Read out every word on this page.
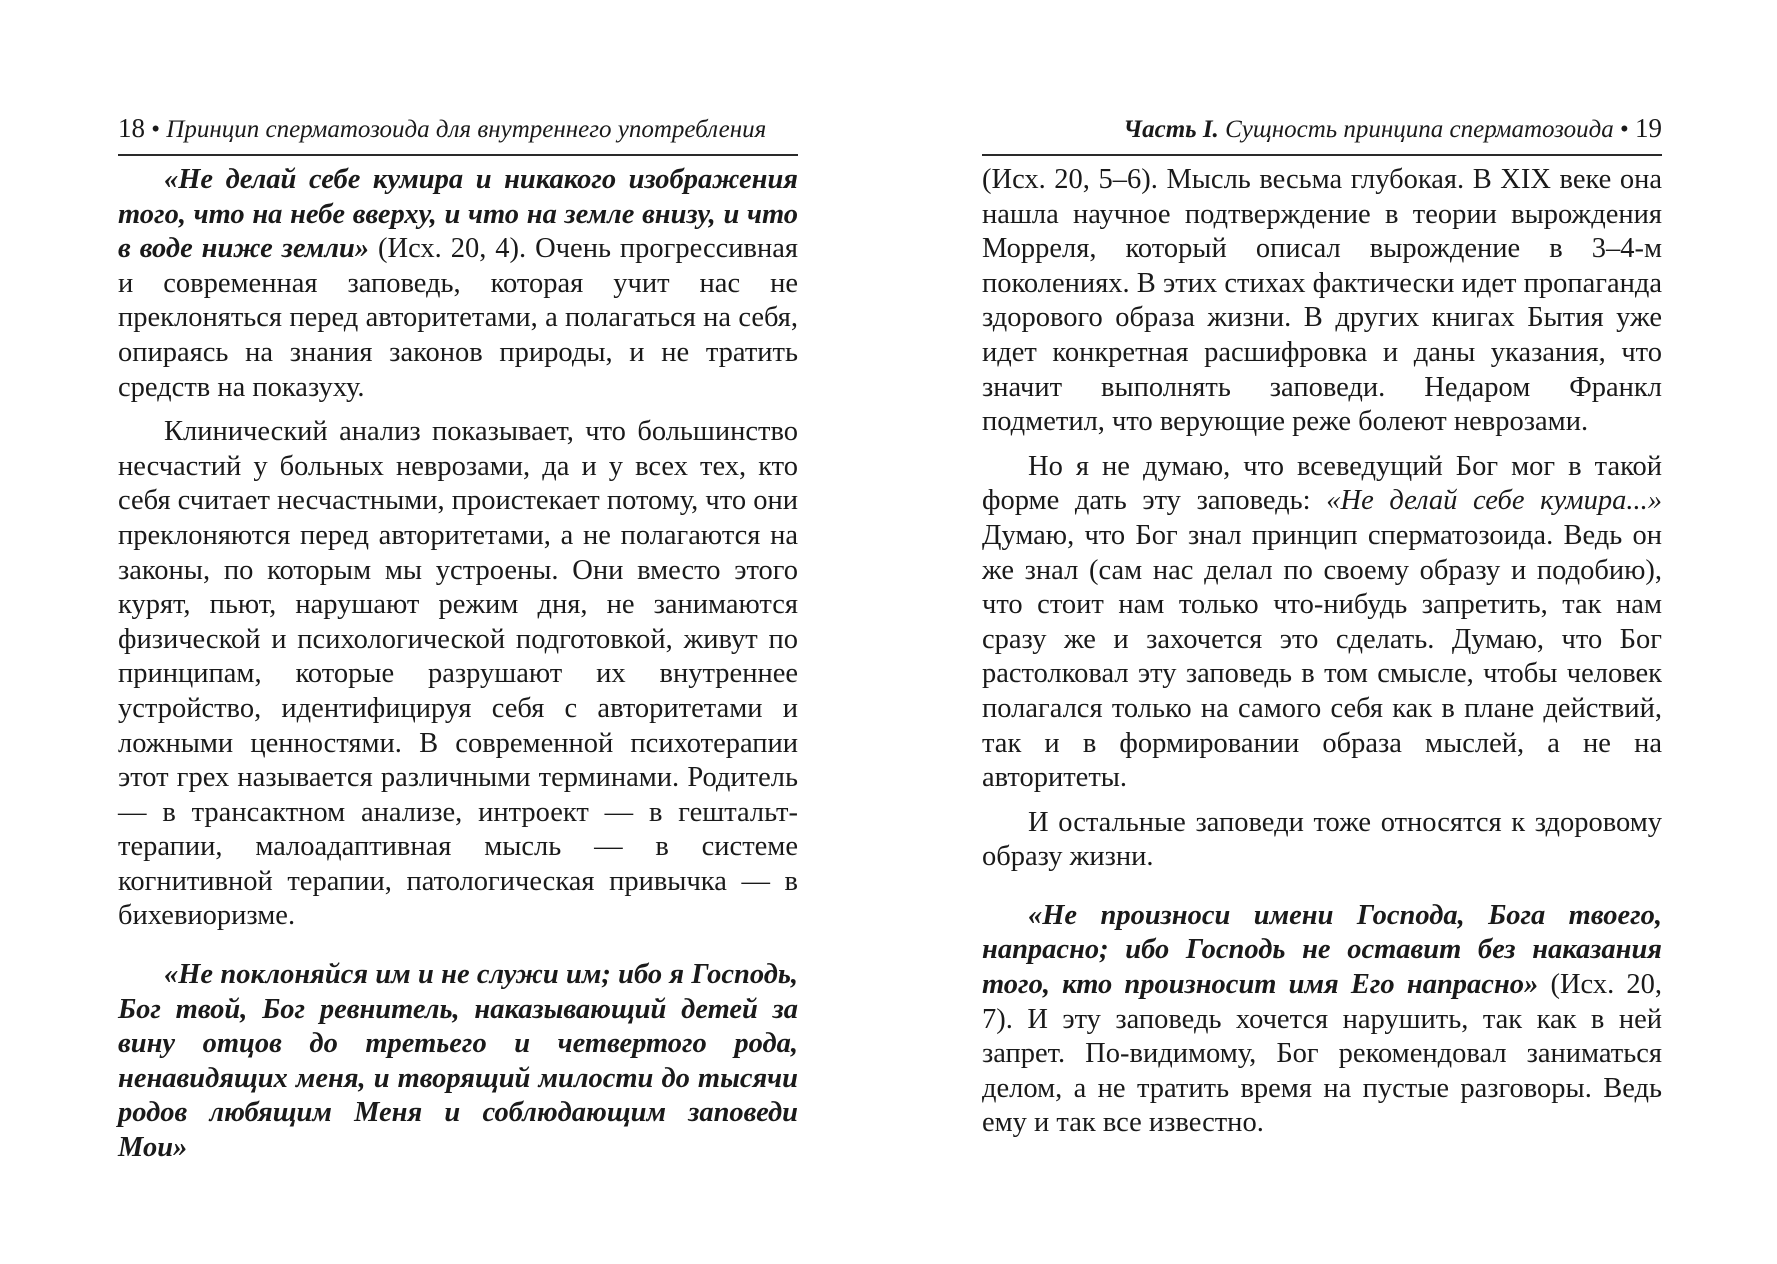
18 • Принцип сперматозоида для внутреннего употребления

«Не делай себе кумира и никакого изображения того, что на небе вверху, и что на земле внизу, и что в воде ниже земли» (Исх. 20, 4). Очень прогрессивная и современная заповедь, которая учит нас не преклоняться перед авторитетами, а полагаться на себя, опираясь на знания законов природы, и не тратить средств на показуху.

Клинический анализ показывает, что большинство несчастий у больных неврозами, да и у всех тех, кто себя считает несчастными, проистекает потому, что они преклоняются перед авторитетами, а не полагаются на законы, по которым мы устроены. Они вместо этого курят, пьют, нарушают режим дня, не занимаются физической и психологической подготовкой, живут по принципам, которые разрушают их внутреннее устройство, идентифицируя себя с авторитетами и ложными ценностями. В современной психотерапии этот грех называется различными терминами. Родитель — в трансактном анализе, интроект — в гештальт-терапии, малоадаптивная мысль — в системе когнитивной терапии, патологическая привычка — в бихевиоризме.

«Не поклоняйся им и не служи им; ибо я Господь, Бог твой, Бог ревнитель, наказывающий детей за вину отцов до третьего и четвертого рода, ненавидящих меня, и творящий милости до тысячи родов любящим Меня и соблюдающим заповеди Мои»

Часть I. Сущность принципа сперматозоида • 19

(Исх. 20, 5–6). Мысль весьма глубокая. В XIX веке она нашла научное подтверждение в теории вырождения Морреля, который описал вырождение в 3–4-м поколениях. В этих стихах фактически идет пропаганда здорового образа жизни. В других книгах Бытия уже идет конкретная расшифровка и даны указания, что значит выполнять заповеди. Недаром Франкл подметил, что верующие реже болеют неврозами.

Но я не думаю, что всеведущий Бог мог в такой форме дать эту заповедь: «Не делай себе кумира...» Думаю, что Бог знал принцип сперматозоида. Ведь он же знал (сам нас делал по своему образу и подобию), что стоит нам только что-нибудь запретить, так нам сразу же и захочется это сделать. Думаю, что Бог растолковал эту заповедь в том смысле, чтобы человек полагался только на самого себя как в плане действий, так и в формировании образа мыслей, а не на авторитеты.

И остальные заповеди тоже относятся к здоровому образу жизни.

«Не произноси имени Господа, Бога твоего, напрасно; ибо Господь не оставит без наказания того, кто произносит имя Его напрасно» (Исх. 20, 7). И эту заповедь хочется нарушить, так как в ней запрет. По-видимому, Бог рекомендовал заниматься делом, а не тратить время на пустые разговоры. Ведь ему и так все известно.
